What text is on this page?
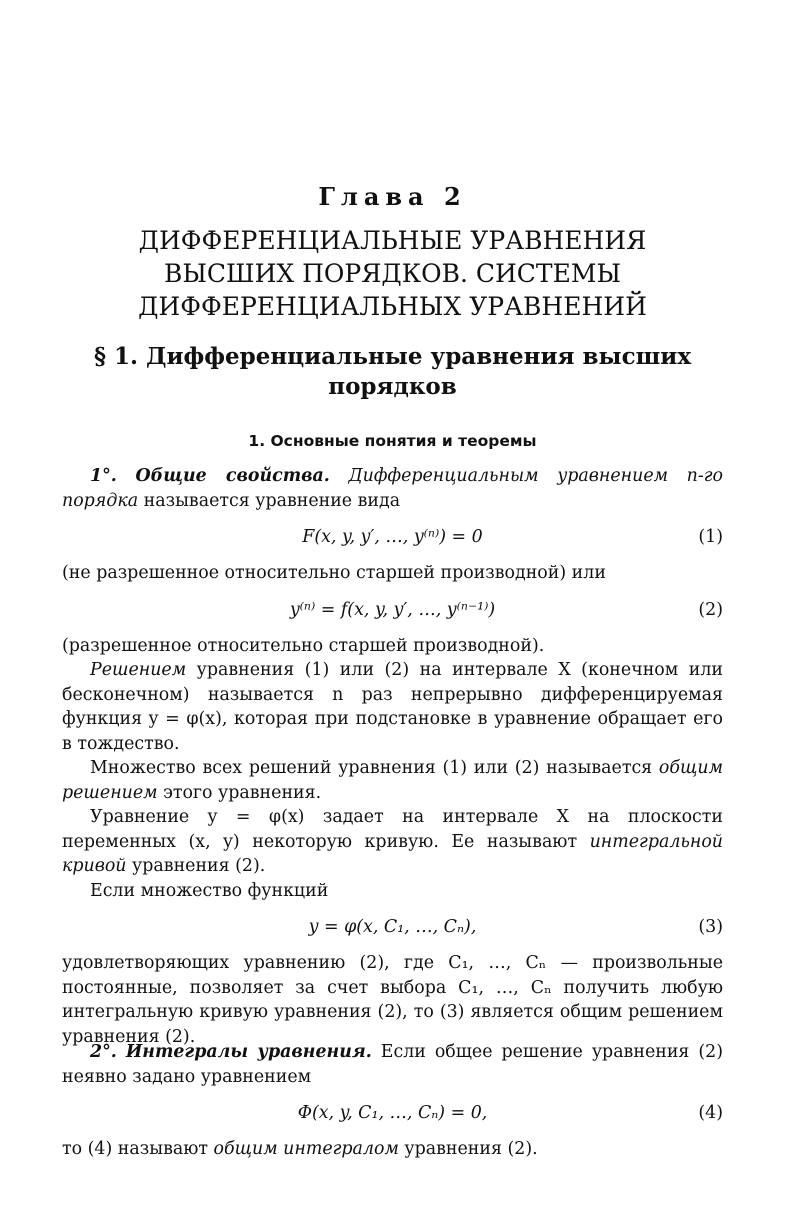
Глава 2
ДИФФЕРЕНЦИАЛЬНЫЕ УРАВНЕНИЯ
ВЫСШИХ ПОРЯДКОВ. СИСТЕМЫ
ДИФФЕРЕНЦИАЛЬНЫХ УРАВНЕНИЙ
§ 1. Дифференциальные уравнения высших
порядков
1. Основные понятия и теоремы

1°. Общие свойства. Дифференциальным уравнением n-го порядка называется уравнение вида

F(x, y, y′, …, y⁽ⁿ⁾) = 0	(1)

(не разрешенное относительно старшей производной) или

y⁽ⁿ⁾ = f(x, y, y′, …, y⁽ⁿ⁻¹⁾)	(2)

(разрешенное относительно старшей производной).

Решением уравнения (1) или (2) на интервале X (конечном или бесконечном) называется n раз непрерывно дифференцируемая функция y = φ(x), которая при подстановке в уравнение обращает его в тождество.

Множество всех решений уравнения (1) или (2) называется общим решением этого уравнения.

Уравнение y = φ(x) задает на интервале X на плоскости переменных (x, y) некоторую кривую. Ее называют интегральной кривой уравнения (2).

Если множество функций

y = φ(x, C₁, …, Cₙ),	(3)

удовлетворяющих уравнению (2), где C₁, …, Cₙ — произвольные постоянные, позволяет за счет выбора C₁, …, Cₙ получить любую интегральную кривую уравнения (2), то (3) является общим решением уравнения (2).

2°. Интегралы уравнения. Если общее решение уравнения (2) неявно задано уравнением

Φ(x, y, C₁, …, Cₙ) = 0,	(4)

то (4) называют общим интегралом уравнения (2).
